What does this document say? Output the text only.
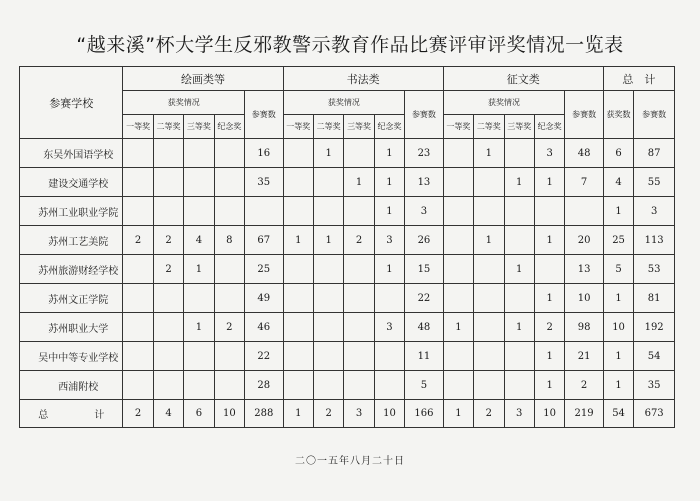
“越来溪”杯大学生反邪教警示教育作品比赛评审评奖情况一览表
参赛学校	绘画类等					书法类					征文类					总　计	
	获奖情况				参赛数	获奖情况				参赛数	获奖情况				参赛数	获奖数	参赛数
	一等奖	二等奖	三等奖	纪念奖		一等奖	二等奖	三等奖	纪念奖		一等奖	二等奖	三等奖	纪念奖			
东吴外国语学校					16		1		1	23		1		3	48	6	87
建设交通学校					35			1	1	13			1	1	7	4	55
苏州工业职业学院									1	3						1	3
苏州工艺美院	2	2	4	8	67	1	1	2	3	26		1		1	20	25	113
苏州旅游财经学校		2	1		25				1	15			1		13	5	53
苏州文正学院					49					22				1	10	1	81
苏州职业大学			1	2	46				3	48	1		1	2	98	10	192
吴中中等专业学校					22					11				1	21	1	54
西浦附校					28					5				1	2	1	35
总　计	2	4	6	10	288	1	2	3	10	166	1	2	3	10	219	54	673
二〇一五年八月二十日
